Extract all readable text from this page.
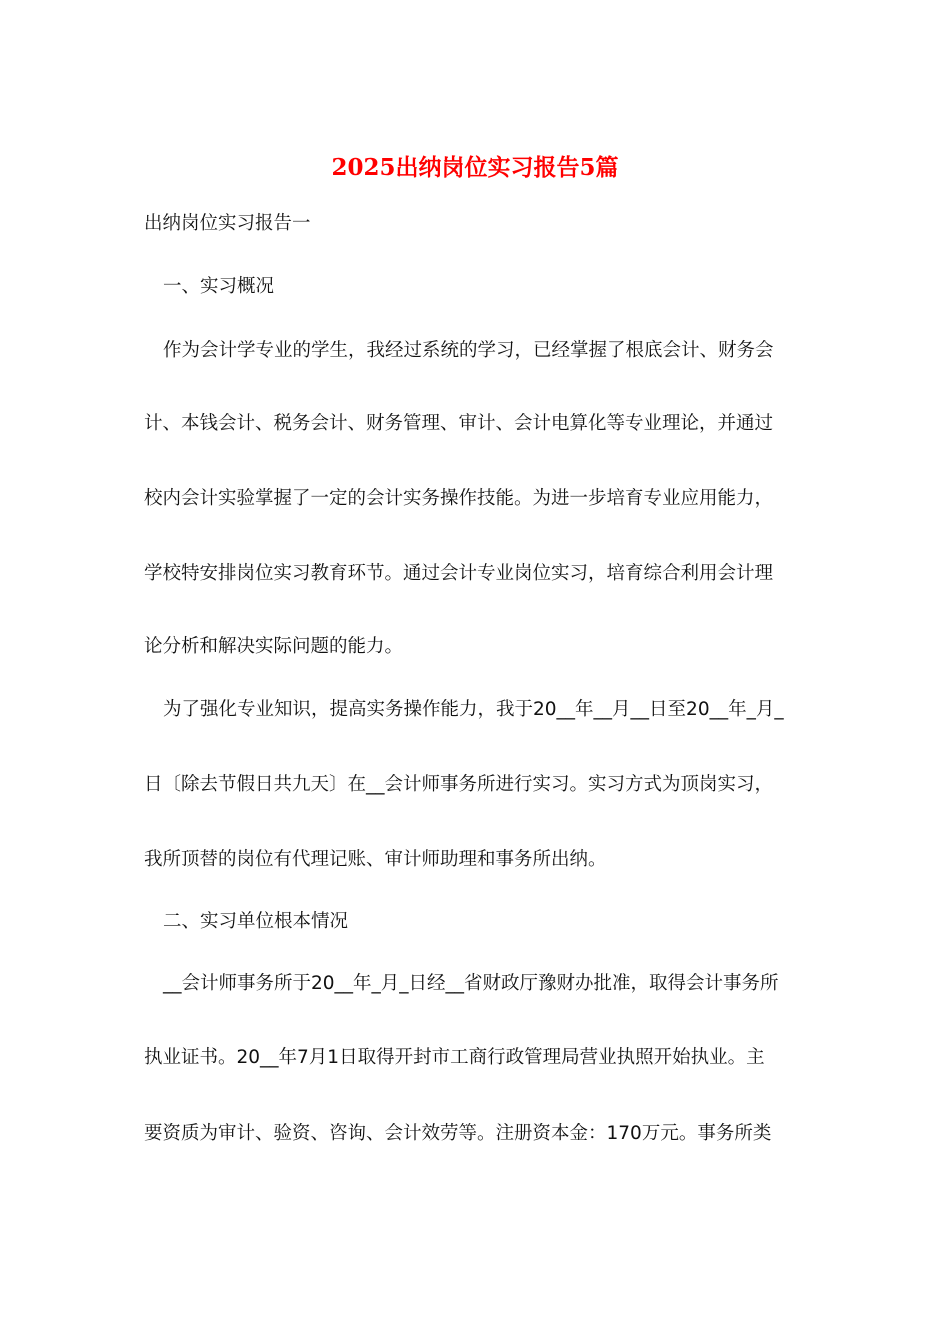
2025出纳岗位实习报告5篇

出纳岗位实习报告一

一、实习概况

作为会计学专业的学生，我经过系统的学习，已经掌握了根底会计、财务会

计、本钱会计、税务会计、财务管理、审计、会计电算化等专业理论，并通过

校内会计实验掌握了一定的会计实务操作技能。为进一步培育专业应用能力，

学校特安排岗位实习教育环节。通过会计专业岗位实习，培育综合利用会计理

论分析和解决实际问题的能力。

为了强化专业知识，提高实务操作能力，我于20__年__月__日至20__年_月_

日〔除去节假日共九天〕在__会计师事务所进行实习。实习方式为顶岗实习，

我所顶替的岗位有代理记账、审计师助理和事务所出纳。

二、实习单位根本情况

__会计师事务所于20__年_月_日经__省财政厅豫财办批准，取得会计事务所

执业证书。20__年7月1日取得开封市工商行政管理局营业执照开始执业。主

要资质为审计、验资、咨询、会计效劳等。注册资本金：170万元。事务所类
